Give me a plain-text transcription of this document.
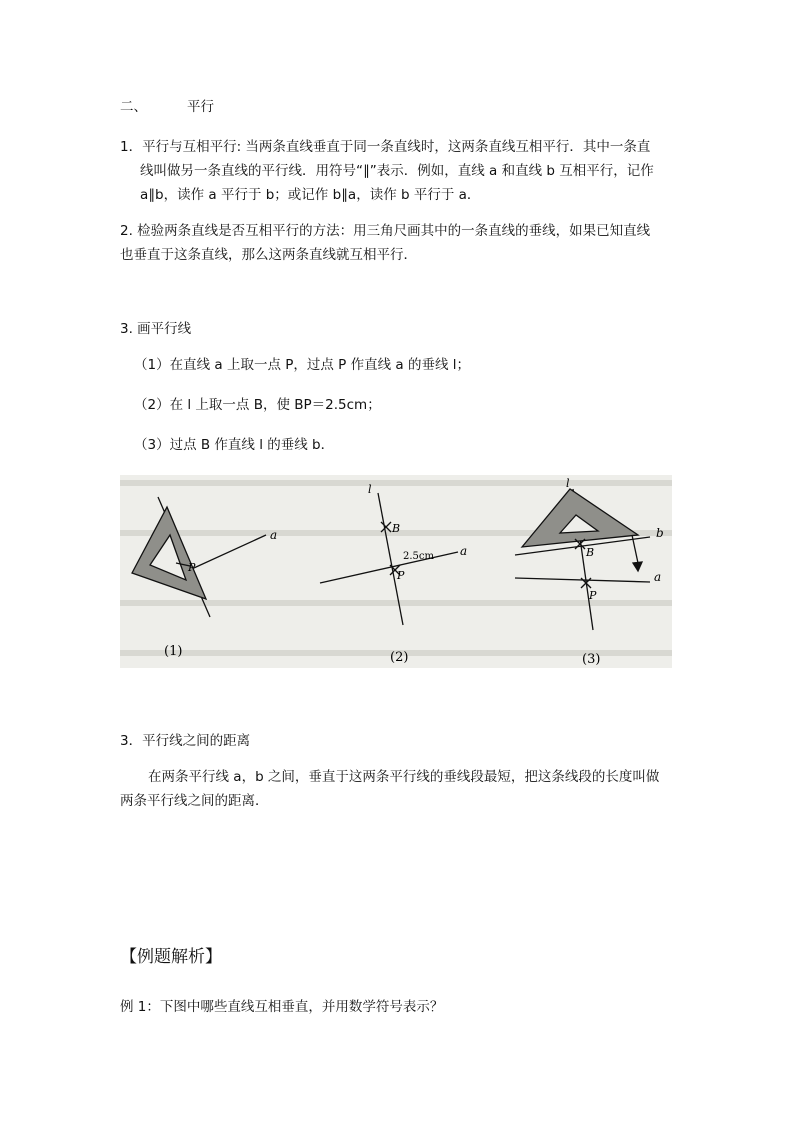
二、	平行
1．平行与互相平行: 当两条直线垂直于同一条直线时，这两条直线互相平行．其中一条直
线叫做另一条直线的平行线．用符号“∥”表示．例如，直线 a 和直线 b 互相平行，记作
a∥b，读作 a 平行于 b；或记作 b∥a，读作 b 平行于 a．
2. 检验两条直线是否互相平行的方法：用三角尺画其中的一条直线的垂线，如果已知直线
也垂直于这条直线，那么这两条直线就互相平行．
3. 画平行线
（1）在直线 a 上取一点 P，过点 P 作直线 a 的垂线 l；
（2）在 l 上取一点 B，使 BP＝2.5cm；
（3）过点 B 作直线 l 的垂线 b．
a
P
(1)
l
B
2.5cm a
P
(2)
l
b
B
a
P
(3)
3．平行线之间的距离
在两条平行线 a，b 之间，垂直于这两条平行线的垂线段最短，把这条线段的长度叫做
两条平行线之间的距离．
【例题解析】
例 1：下图中哪些直线互相垂直，并用数学符号表示？
